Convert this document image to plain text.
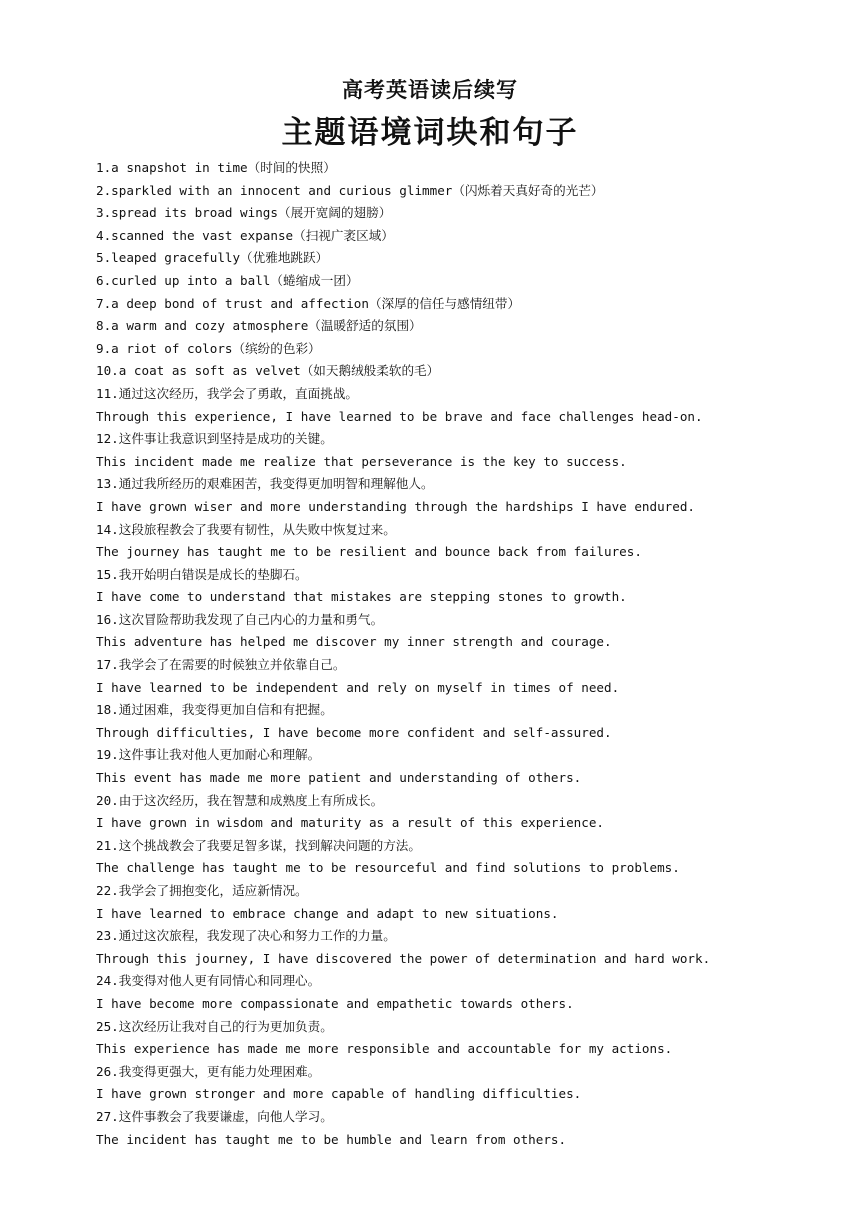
高考英语读后续写
主题语境词块和句子
1.a snapshot in time（时间的快照）
2.sparkled with an innocent and curious glimmer（闪烁着天真好奇的光芒）
3.spread its broad wings（展开宽阔的翅膀）
4.scanned the vast expanse（扫视广袤区域）
5.leaped gracefully（优雅地跳跃）
6.curled up into a ball（蜷缩成一团）
7.a deep bond of trust and affection（深厚的信任与感情纽带）
8.a warm and cozy atmosphere（温暖舒适的氛围）
9.a riot of colors（缤纷的色彩）
10.a coat as soft as velvet（如天鹅绒般柔软的毛）
11.通过这次经历，我学会了勇敢，直面挑战。
Through this experience, I have learned to be brave and face challenges head-on.
12.这件事让我意识到坚持是成功的关键。
This incident made me realize that perseverance is the key to success.
13.通过我所经历的艰难困苦，我变得更加明智和理解他人。
I have grown wiser and more understanding through the hardships I have endured.
14.这段旅程教会了我要有韧性，从失败中恢复过来。
The journey has taught me to be resilient and bounce back from failures.
15.我开始明白错误是成长的垫脚石。
I have come to understand that mistakes are stepping stones to growth.
16.这次冒险帮助我发现了自己内心的力量和勇气。
This adventure has helped me discover my inner strength and courage.
17.我学会了在需要的时候独立并依靠自己。
I have learned to be independent and rely on myself in times of need.
18.通过困难，我变得更加自信和有把握。
Through difficulties, I have become more confident and self-assured.
19.这件事让我对他人更加耐心和理解。
This event has made me more patient and understanding of others.
20.由于这次经历，我在智慧和成熟度上有所成长。
I have grown in wisdom and maturity as a result of this experience.
21.这个挑战教会了我要足智多谋，找到解决问题的方法。
The challenge has taught me to be resourceful and find solutions to problems.
22.我学会了拥抱变化，适应新情况。
I have learned to embrace change and adapt to new situations.
23.通过这次旅程，我发现了决心和努力工作的力量。
Through this journey, I have discovered the power of determination and hard work.
24.我变得对他人更有同情心和同理心。
I have become more compassionate and empathetic towards others.
25.这次经历让我对自己的行为更加负责。
This experience has made me more responsible and accountable for my actions.
26.我变得更强大，更有能力处理困难。
I have grown stronger and more capable of handling difficulties.
27.这件事教会了我要谦虚，向他人学习。
The incident has taught me to be humble and learn from others.
